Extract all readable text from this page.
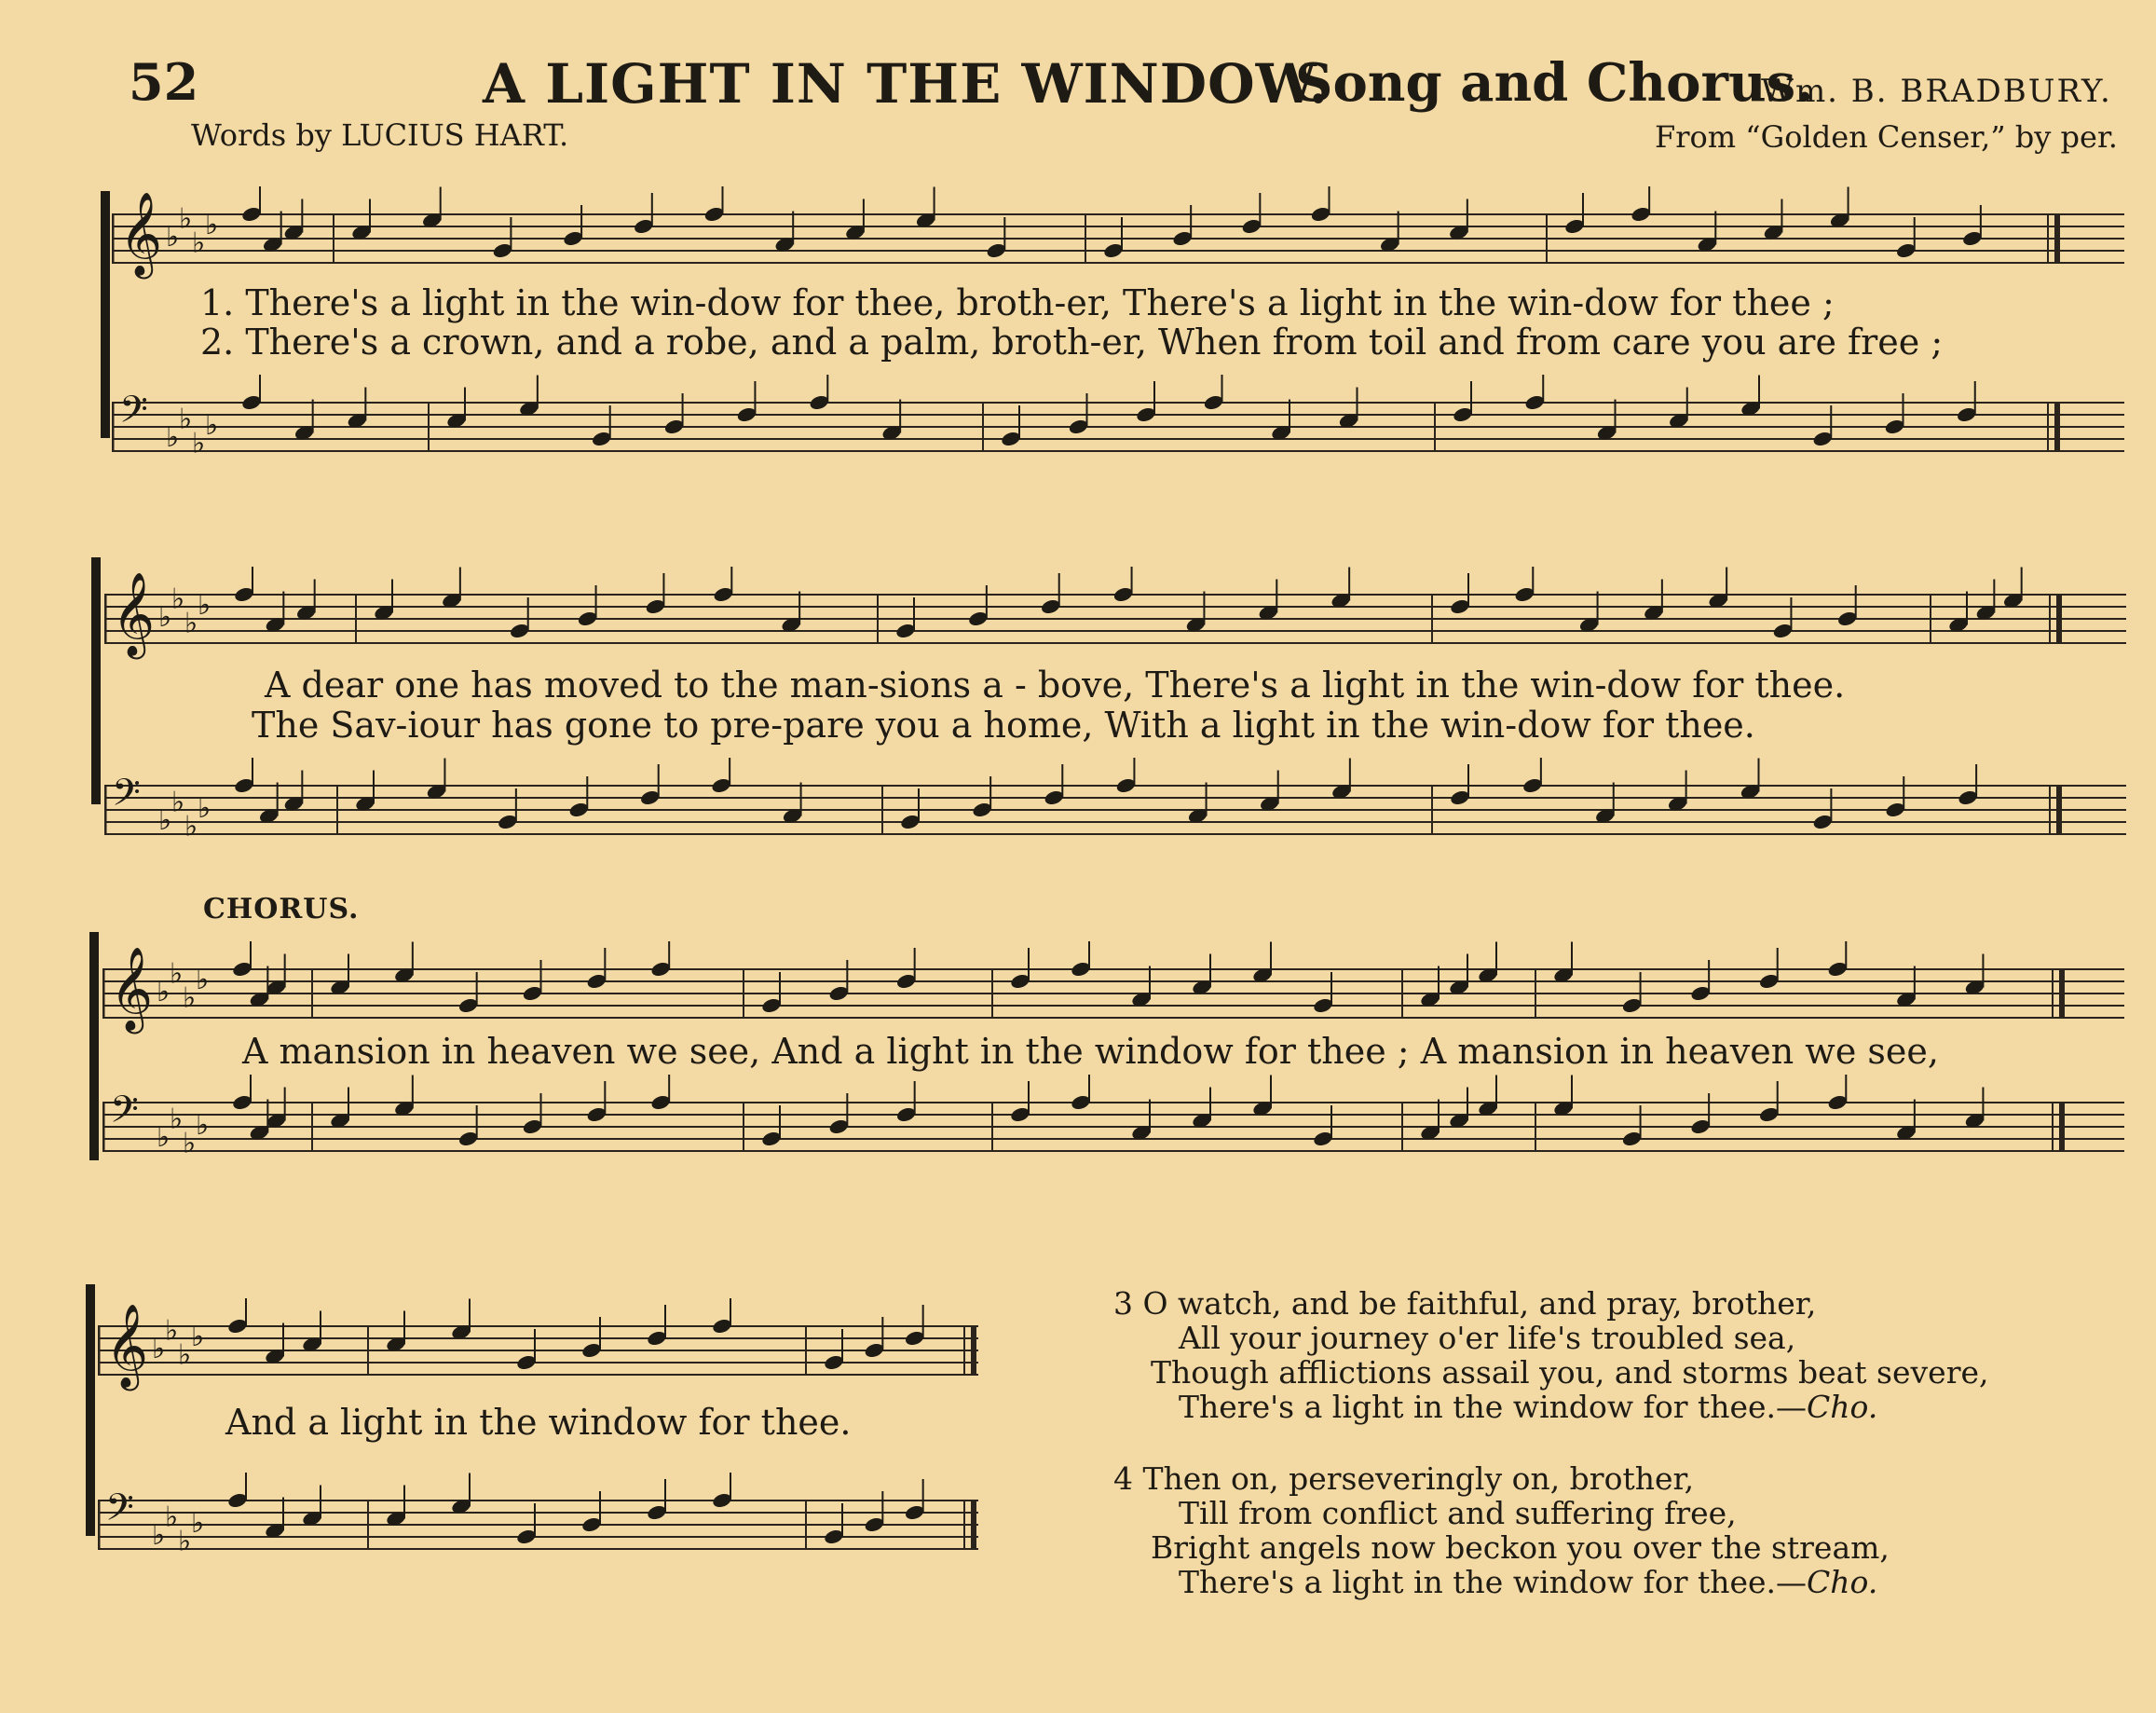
52	A LIGHT IN THE WINDOW.
Song and Chorus.
Wm. B. BRADBURY.
Words by LUCIUS HART.	From “Golden Censer,” by per.
𝄞 ♭
♭
♭
♭
1. There's a light in the win-dow for thee, broth-er, There's a light in the win-dow for thee ;
2. There's a crown, and a robe, and a palm, broth-er, When from toil and from care you are free ;
𝄢 ♭
♭
♭
♭
𝄞 ♭
♭
♭
♭
A dear one has moved to the man-sions a - bove, There's a light in the win-dow for thee.
The Sav-iour has gone to pre-pare you a home, With a light in the win-dow for thee.
𝄢 ♭
♭
♭
♭
CHORUS.
𝄞 ♭
♭
♭
♭
A mansion in heaven we see, And a light in the window for thee ; A mansion in heaven we see,
𝄢 ♭
♭
♭
♭
𝄞 ♭
♭
♭
♭
And a light in the window for thee.
𝄢 ♭
♭
♭
♭
3 O watch, and be faithful, and pray, brother,
All your journey o'er life's troubled sea,
Though afflictions assail you, and storms beat severe,
There's a light in the window for thee.—Cho.
4 Then on, perseveringly on, brother,
Till from conflict and suffering free,
Bright angels now beckon you over the stream,
There's a light in the window for thee.—Cho.
